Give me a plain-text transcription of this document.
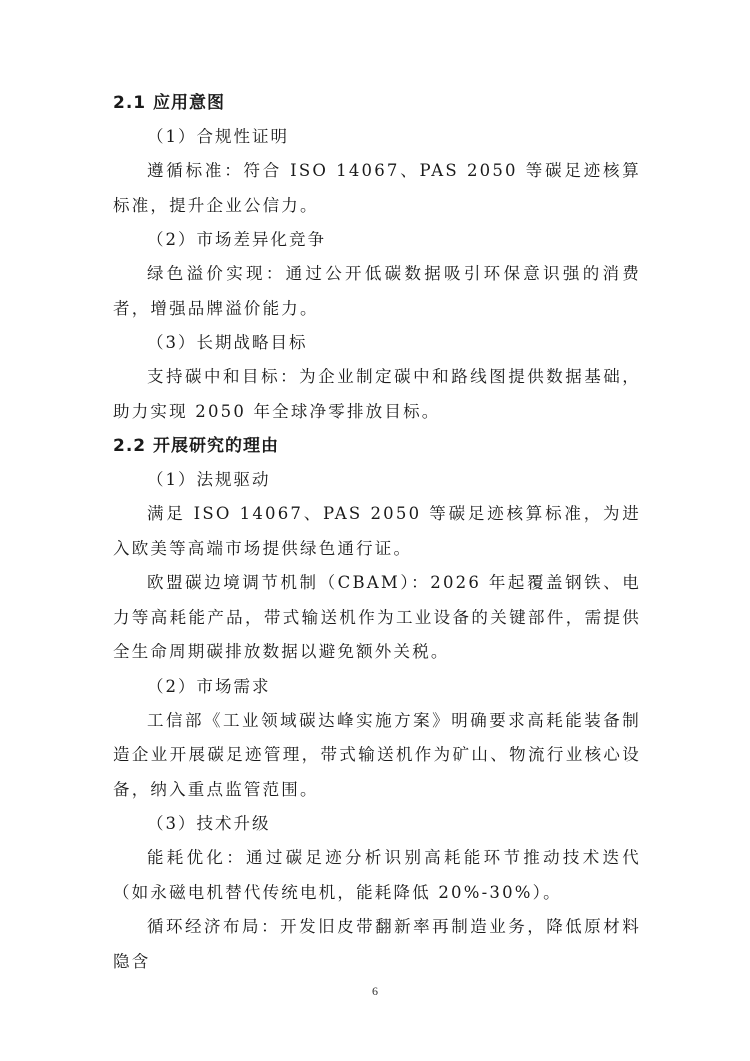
2.1 应用意图
（1）合规性证明

遵循标准：符合 ISO 14067、PAS 2050 等碳足迹核算标准，提升企业公信力。

（2）市场差异化竞争

绿色溢价实现：通过公开低碳数据吸引环保意识强的消费者，增强品牌溢价能力。

（3）长期战略目标

支持碳中和目标：为企业制定碳中和路线图提供数据基础，助力实现 2050 年全球净零排放目标。

2.2 开展研究的理由
（1）法规驱动

满足 ISO 14067、PAS 2050 等碳足迹核算标准，为进入欧美等高端市场提供绿色通行证。

欧盟碳边境调节机制（CBAM）：2026 年起覆盖钢铁、电力等高耗能产品，带式输送机作为工业设备的关键部件，需提供全生命周期碳排放数据以避免额外关税。

（2）市场需求

工信部《工业领域碳达峰实施方案》明确要求高耗能装备制造企业开展碳足迹管理，带式输送机作为矿山、物流行业核心设备，纳入重点监管范围。

（3）技术升级

能耗优化：通过碳足迹分析识别高耗能环节推动技术迭代（如永磁电机替代传统电机，能耗降低 20%-30%）。

循环经济布局：开发旧皮带翻新率再制造业务，降低原材料隐含

6
